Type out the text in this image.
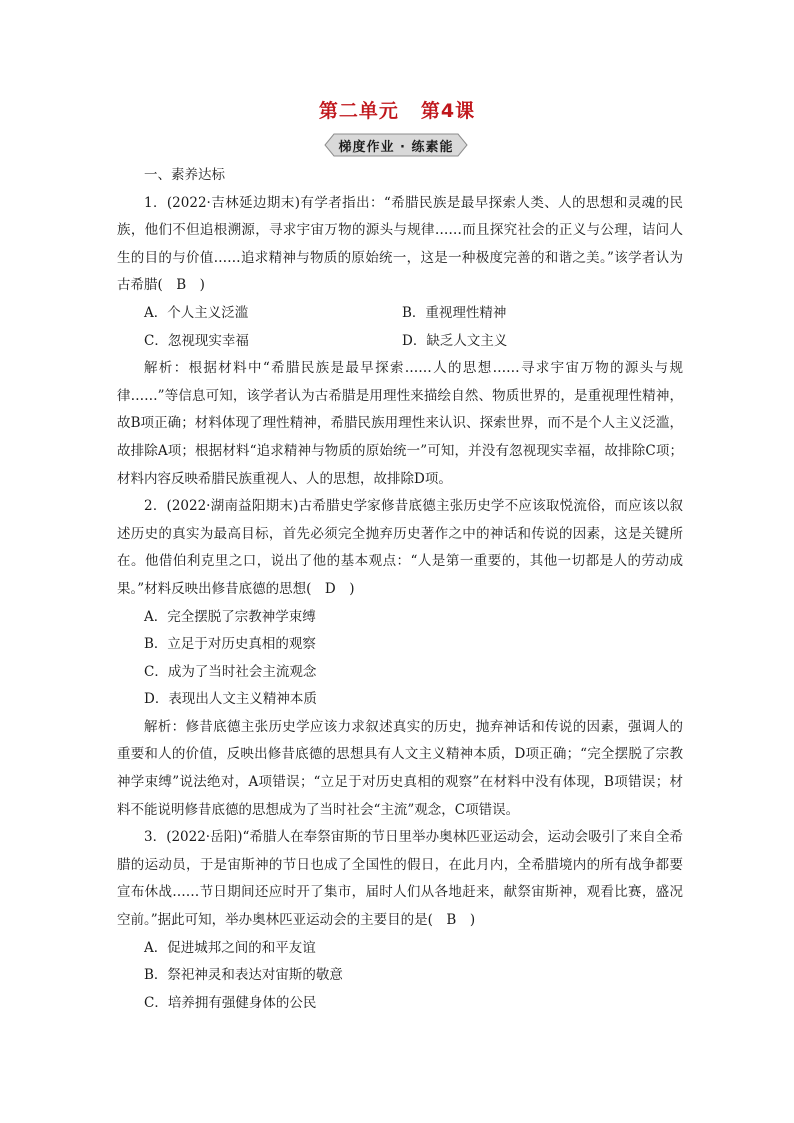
第二单元 第4课
梯度作业 · 练素能

一、素养达标

1．(2022·吉林延边期末)有学者指出：“希腊民族是最早探索人类、人的思想和灵魂的民族，他们不但追根溯源，寻求宇宙万物的源头与规律……而且探究社会的正义与公理，诘问人生的目的与价值……追求精神与物质的原始统一，这是一种极度完善的和谐之美。”该学者认为古希腊(　B　)

A．个人主义泛滥	B．重视理性精神
C．忽视现实幸福	D．缺乏人文主义

解析：根据材料中“希腊民族是最早探索……人的思想……寻求宇宙万物的源头与规律……”等信息可知，该学者认为古希腊是用理性来描绘自然、物质世界的，是重视理性精神，故B项正确；材料体现了理性精神，希腊民族用理性来认识、探索世界，而不是个人主义泛滥，故排除A项；根据材料“追求精神与物质的原始统一”可知，并没有忽视现实幸福，故排除C项；材料内容反映希腊民族重视人、人的思想，故排除D项。

2．(2022·湖南益阳期末)古希腊史学家修昔底德主张历史学不应该取悦流俗，而应该以叙述历史的真实为最高目标，首先必须完全抛弃历史著作之中的神话和传说的因素，这是关键所在。他借伯利克里之口，说出了他的基本观点：“人是第一重要的，其他一切都是人的劳动成果。”材料反映出修昔底德的思想(　D　)

A．完全摆脱了宗教神学束缚
B．立足于对历史真相的观察
C．成为了当时社会主流观念
D．表现出人文主义精神本质

解析：修昔底德主张历史学应该力求叙述真实的历史，抛弃神话和传说的因素，强调人的重要和人的价值，反映出修昔底德的思想具有人文主义精神本质，D项正确；“完全摆脱了宗教神学束缚”说法绝对，A项错误；“立足于对历史真相的观察”在材料中没有体现，B项错误；材料不能说明修昔底德的思想成为了当时社会“主流”观念，C项错误。

3．(2022·岳阳)“希腊人在奉祭宙斯的节日里举办奥林匹亚运动会，运动会吸引了来自全希腊的运动员，于是宙斯神的节日也成了全国性的假日，在此月内，全希腊境内的所有战争都要宣布休战……节日期间还应时开了集市，届时人们从各地赶来，献祭宙斯神，观看比赛，盛况空前。”据此可知，举办奥林匹亚运动会的主要目的是(　B　)

A．促进城邦之间的和平友谊
B．祭祀神灵和表达对宙斯的敬意
C．培养拥有强健身体的公民
